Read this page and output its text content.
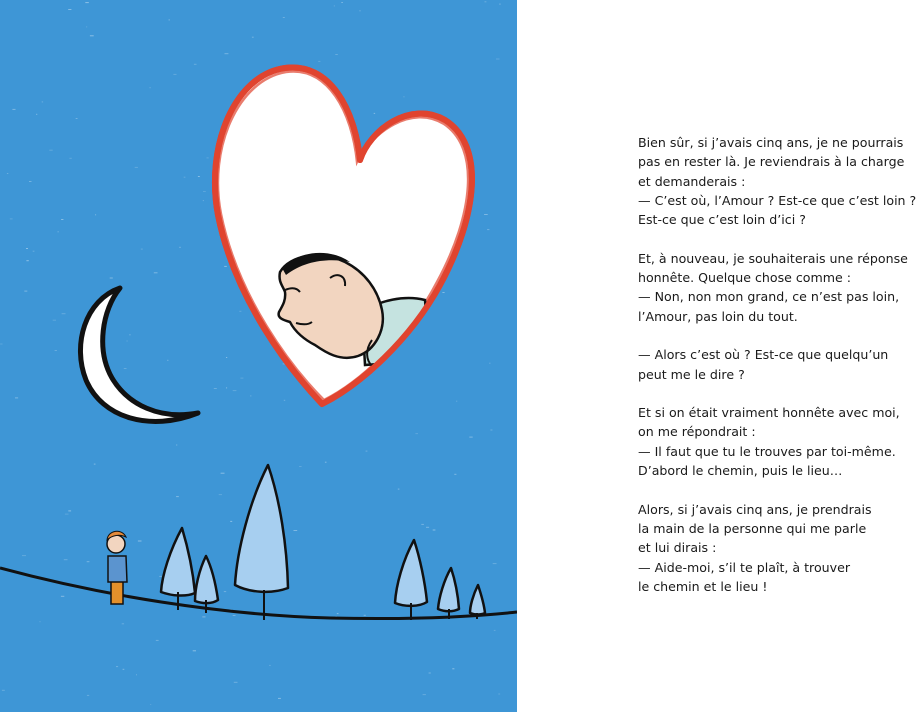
Bien sûr, si j’avais cinq ans, je ne pourrais
pas en rester là. Je reviendrais à la charge
et demanderais :
— C’est où, l’Amour ? Est-ce que c’est loin ?
Est-ce que c’est loin d’ici ?
Et, à nouveau, je souhaiterais une réponse
honnête. Quelque chose comme :
— Non, non mon grand, ce n’est pas loin,
l’Amour, pas loin du tout.
— Alors c’est où ? Est-ce que quelqu’un
peut me le dire ?
Et si on était vraiment honnête avec moi,
on me répondrait :
— Il faut que tu le trouves par toi-même.
D’abord le chemin, puis le lieu…
Alors, si j’avais cinq ans, je prendrais
la main de la personne qui me parle
et lui dirais :
— Aide-moi, s’il te plaît, à trouver
le chemin et le lieu !
